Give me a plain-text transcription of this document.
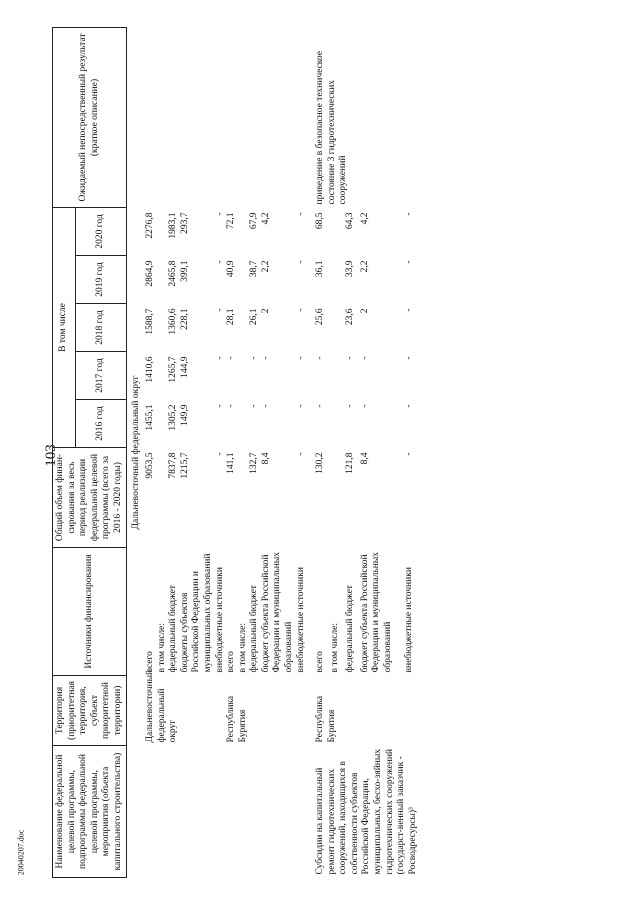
103
20040207.doc	Наименование федеральной целевой программы, подпрограммы федеральной целевой программы, мероприятия (объекта капитального строительства)	Территория (приоритетная территория, субъект приоритетной территории)	Источники финансирования	Общий объем финан-сирования за весь период реализации федеральной целевой программы (всего за 2016 - 2020 годы)	В том числе					Ожидаемый непосредственный результат (краткое описание)
				2016 год	2017 год	2018 год	2019 год	2020 год	
Дальневосточный федеральный округ									
	Дальневосточный федеральный округ	всего	9053,5	1455,1	1410,6	1588,7	2864,9	2276,8	
		в том числе:							
		федеральный бюджет	7837,8	1305,2	1265,7	1360,6	2465,8	1983,1	
		бюджеты субъектов Российской Федерации и муниципальных образований	1215,7	149,9	144,9	228,1	399,1	293,7	
		внебюджетные источники	-	-	-	-	-	-	
	Республика Бурятия	всего	141,1	-	-	28,1	40,9	72,1	
		в том числе:							
		федеральный бюджет	132,7	-	-	26,1	38,7	67,9	
		бюджет субъекта Российской Федерации и муниципальных образований	8,4	-	-	2	2,2	4,2	
		внебюджетные источники	-	-	-	-	-	-	

Субсидии на капитальный ремонт гидротехнических сооружений, находящихся в собственности субъектов Российской Федерации, муниципальных, бесхо-зяйных гидротехнических сооружений (государст-венный заказчик - Росводресурсы)³	Республика Бурятия	всего	130,2	-	-	25,6	36,1	68,5	приведение в безопасное техническое состояние 3 гидротехнических сооружений
		в том числе:							
		федеральный бюджет	121,8	-	-	23,6	33,9	64,3	
		бюджет субъекта Российской Федерации и муниципальных образований	8,4	-	-	2	2,2	4,2	
		внебюджетные источники	-	-	-	-	-	-	
